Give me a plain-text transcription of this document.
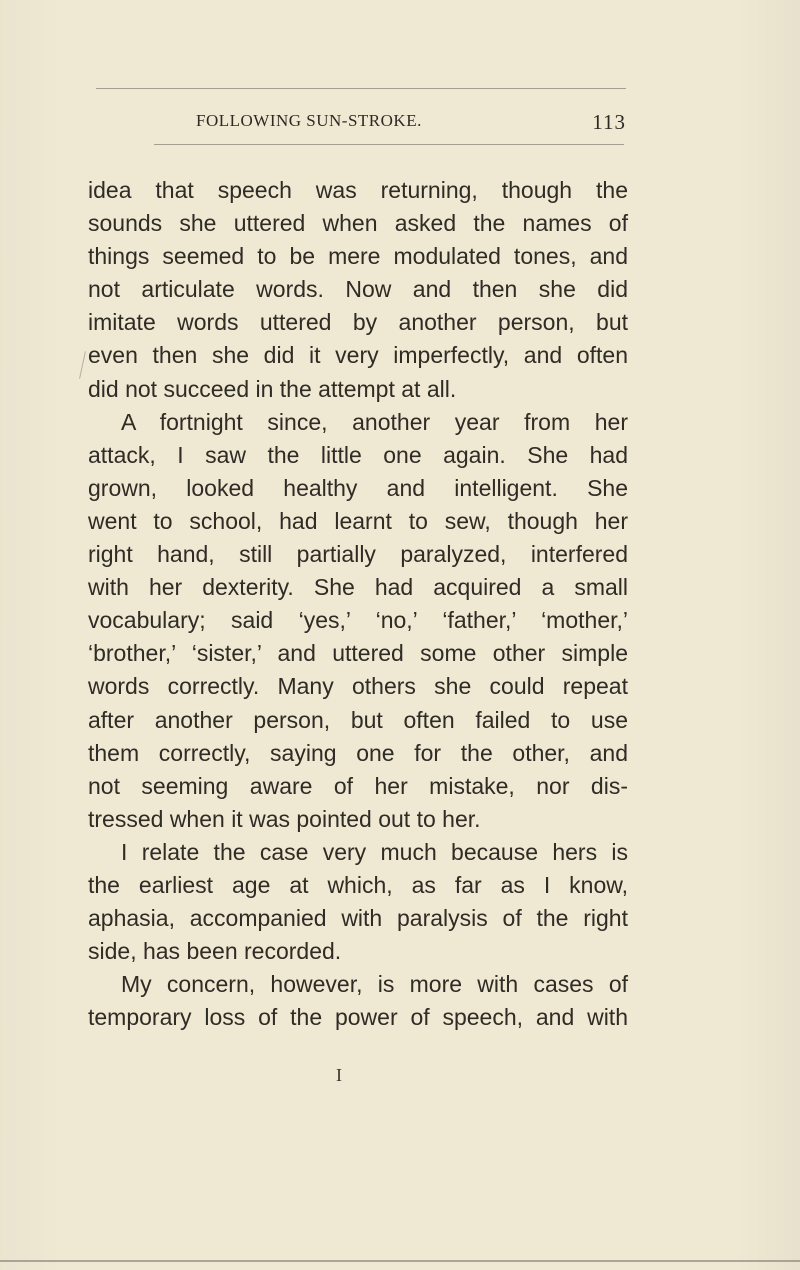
FOLLOWING SUN-STROKE.	113
idea that speech was returning, though the
sounds she uttered when asked the names of
things seemed to be mere modulated tones, and
not articulate words. Now and then she did
imitate words uttered by another person, but
even then she did it very imperfectly, and often
did not succeed in the attempt at all.
A fortnight since, another year from her
attack, I saw the little one again. She had
grown, looked healthy and intelligent. She
went to school, had learnt to sew, though her
right hand, still partially paralyzed, interfered
with her dexterity. She had acquired a small
vocabulary; said ‘yes,’ ‘no,’ ‘father,’ ‘mother,’
‘brother,’ ‘sister,’ and uttered some other simple
words correctly. Many others she could repeat
after another person, but often failed to use
them correctly, saying one for the other, and
not seeming aware of her mistake, nor dis-
tressed when it was pointed out to her.
I relate the case very much because hers is
the earliest age at which, as far as I know,
aphasia, accompanied with paralysis of the right
side, has been recorded.
My concern, however, is more with cases of
temporary loss of the power of speech, and with
I
